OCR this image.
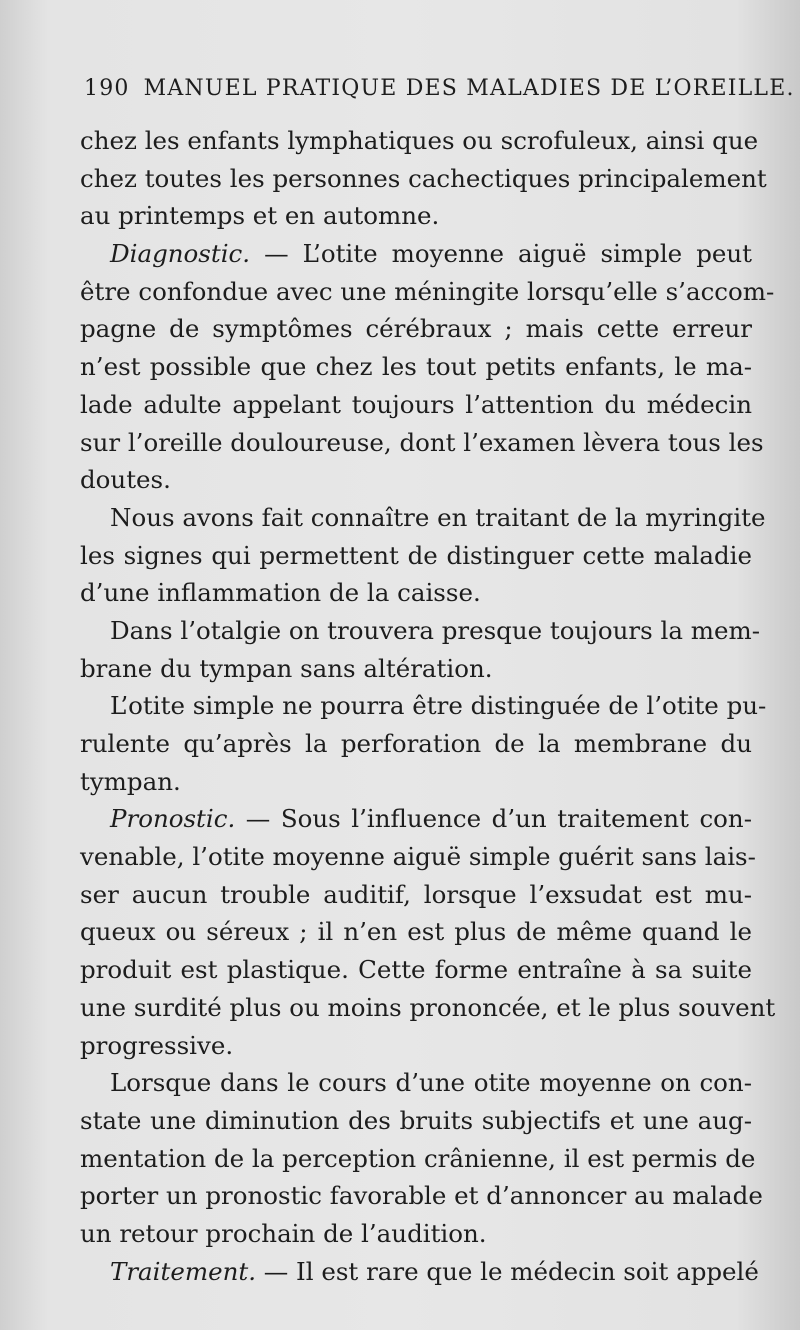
190 MANUEL PRATIQUE DES MALADIES DE L’OREILLE.
chez les enfants lymphatiques ou scrofuleux, ainsi que
chez toutes les personnes cachectiques principalement
au printemps et en automne.
Diagnostic. — L’otite moyenne aiguë simple peut
être confondue avec une méningite lorsqu’elle s’accom-
pagne de symptômes cérébraux ; mais cette erreur
n’est possible que chez les tout petits enfants, le ma-
lade adulte appelant toujours l’attention du médecin
sur l’oreille douloureuse, dont l’examen lèvera tous les
doutes.
Nous avons fait connaître en traitant de la myringite
les signes qui permettent de distinguer cette maladie
d’une inflammation de la caisse.
Dans l’otalgie on trouvera presque toujours la mem-
brane du tympan sans altération.
L’otite simple ne pourra être distinguée de l’otite pu-
rulente qu’après la perforation de la membrane du
tympan.
Pronostic. — Sous l’influence d’un traitement con-
venable, l’otite moyenne aiguë simple guérit sans lais-
ser aucun trouble auditif, lorsque l’exsudat est mu-
queux ou séreux ; il n’en est plus de même quand le
produit est plastique. Cette forme entraîne à sa suite
une surdité plus ou moins prononcée, et le plus souvent
progressive.
Lorsque dans le cours d’une otite moyenne on con-
state une diminution des bruits subjectifs et une aug-
mentation de la perception crânienne, il est permis de
porter un pronostic favorable et d’annoncer au malade
un retour prochain de l’audition.
Traitement. — Il est rare que le médecin soit appelé
